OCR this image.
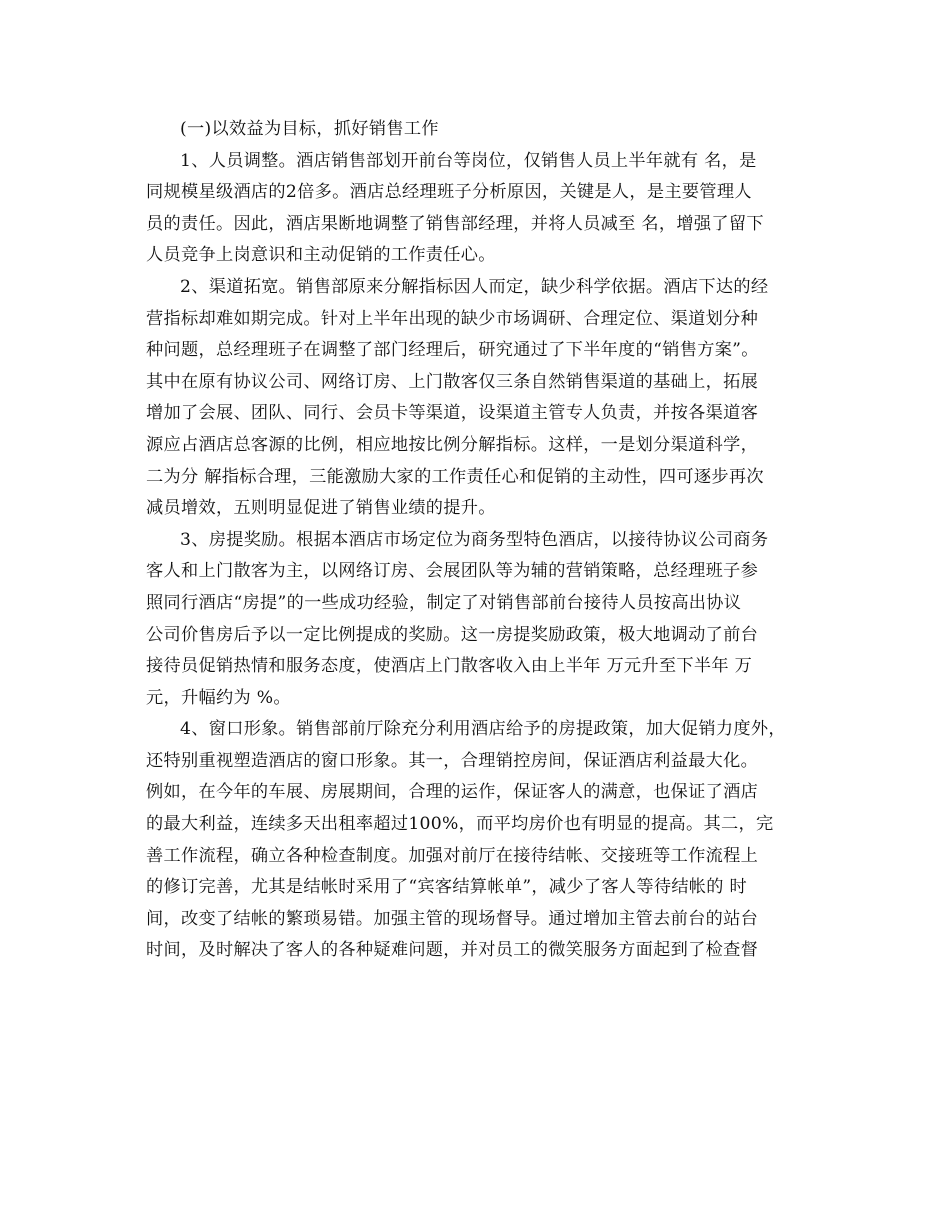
(一)以效益为目标，抓好销售工作
1、人员调整。酒店销售部划开前台等岗位，仅销售人员上半年就有 名，是
同规模星级酒店的2倍多。酒店总经理班子分析原因，关键是人，是主要管理人
员的责任。因此，酒店果断地调整了销售部经理，并将人员减至 名，增强了留下
人员竞争上岗意识和主动促销的工作责任心。
2、渠道拓宽。销售部原来分解指标因人而定，缺少科学依据。酒店下达的经
营指标却难如期完成。针对上半年出现的缺少市场调研、合理定位、渠道划分种
种问题，总经理班子在调整了部门经理后，研究通过了下半年度的“销售方案”。
其中在原有协议公司、网络订房、上门散客仅三条自然销售渠道的基础上，拓展
增加了会展、团队、同行、会员卡等渠道，设渠道主管专人负责，并按各渠道客
源应占酒店总客源的比例，相应地按比例分解指标。这样，一是划分渠道科学，
二为分 解指标合理，三能激励大家的工作责任心和促销的主动性，四可逐步再次
减员增效，五则明显促进了销售业绩的提升。
3、房提奖励。根据本酒店市场定位为商务型特色酒店，以接待协议公司商务
客人和上门散客为主，以网络订房、会展团队等为辅的营销策略，总经理班子参
照同行酒店“房提”的一些成功经验，制定了对销售部前台接待人员按高出协议
公司价售房后予以一定比例提成的奖励。这一房提奖励政策，极大地调动了前台
接待员促销热情和服务态度，使酒店上门散客收入由上半年 万元升至下半年 万
元，升幅约为 %。
4、窗口形象。销售部前厅除充分利用酒店给予的房提政策，加大促销力度外，
还特别重视塑造酒店的窗口形象。其一，合理销控房间，保证酒店利益最大化。
例如，在今年的车展、房展期间，合理的运作，保证客人的满意，也保证了酒店
的最大利益，连续多天出租率超过100%，而平均房价也有明显的提高。其二，完
善工作流程，确立各种检查制度。加强对前厅在接待结帐、交接班等工作流程上
的修订完善，尤其是结帐时采用了“宾客结算帐单”，减少了客人等待结帐的 时
间，改变了结帐的繁琐易错。加强主管的现场督导。通过增加主管去前台的站台
时间，及时解决了客人的各种疑难问题，并对员工的微笑服务方面起到了检查督
